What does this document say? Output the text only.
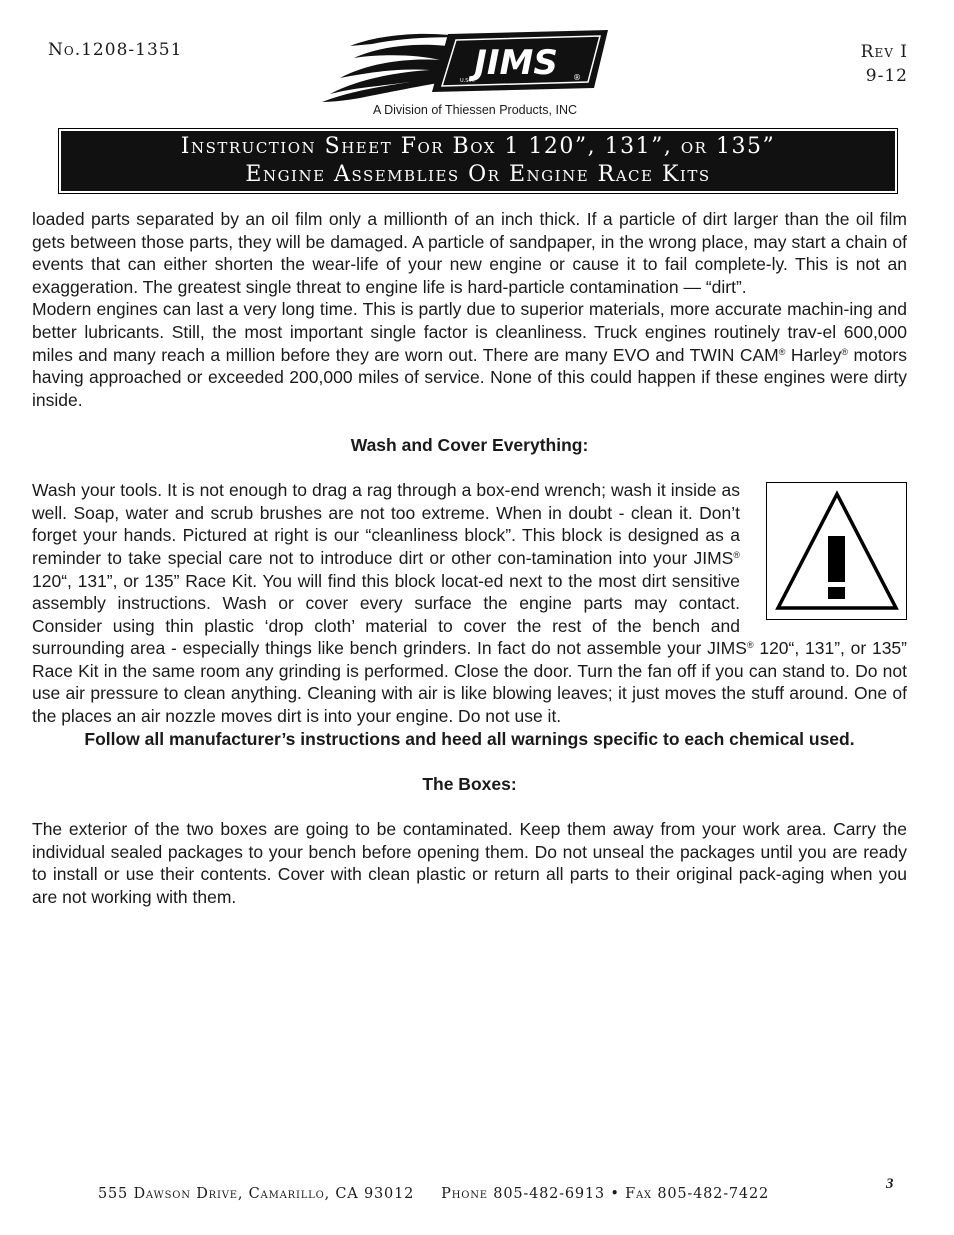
No.1208-1351	JIMS
U.S.A.	®
A Division of Thiessen Products, INC
Rev I
9-12
Instruction Sheet For Box 1 120”, 131”, or 135”
Engine Assemblies Or Engine Race Kits

loaded parts separated by an oil film only a millionth of an inch thick. If a particle of dirt larger than the oil film gets between those parts, they will be damaged. A particle of sandpaper, in the wrong place, may start a chain of events that can either shorten the wear-life of your new engine or cause it to fail complete-ly. This is not an exaggeration. The greatest single threat to engine life is hard-particle contamination — “dirt”.

Modern engines can last a very long time. This is partly due to superior materials, more accurate machin-ing and better lubricants. Still, the most important single factor is cleanliness. Truck engines routinely trav-el 600,000 miles and many reach a million before they are worn out. There are many EVO and TWIN CAM® Harley® motors having approached or exceeded 200,000 miles of service. None of this could happen if these engines were dirty inside.

Wash and Cover Everything:

Wash your tools. It is not enough to drag a rag through a box-end wrench; wash it inside as well. Soap, water and scrub brushes are not too extreme. When in doubt - clean it. Don’t forget your hands. Pictured at right is our “cleanliness block”. This block is designed as a reminder to take special care not to introduce dirt or other con-tamination into your JIMS® 120“, 131”, or 135” Race Kit. You will find this block locat-ed next to the most dirt sensitive assembly instructions. Wash or cover every surface the engine parts may contact. Consider using thin plastic ‘drop cloth’ material to cover the rest of the bench and surrounding area - especially things like bench grinders. In fact do not assemble your JIMS® 120“, 131”, or 135” Race Kit in the same room any grinding is performed. Close the door. Turn the fan off if you can stand to. Do not use air pressure to clean anything. Cleaning with air is like blowing leaves; it just moves the stuff around. One of the places an air nozzle moves dirt is into your engine. Do not use it.

Follow all manufacturer’s instructions and heed all warnings specific to each chemical used.

The Boxes:

The exterior of the two boxes are going to be contaminated. Keep them away from your work area. Carry the individual sealed packages to your bench before opening them. Do not unseal the packages until you are ready to install or use their contents. Cover with clean plastic or return all parts to their original pack-aging when you are not working with them.

555 Dawson Drive, Camarillo, CA 93012 Phone 805-482-6913 • Fax 805-482-7422
3
